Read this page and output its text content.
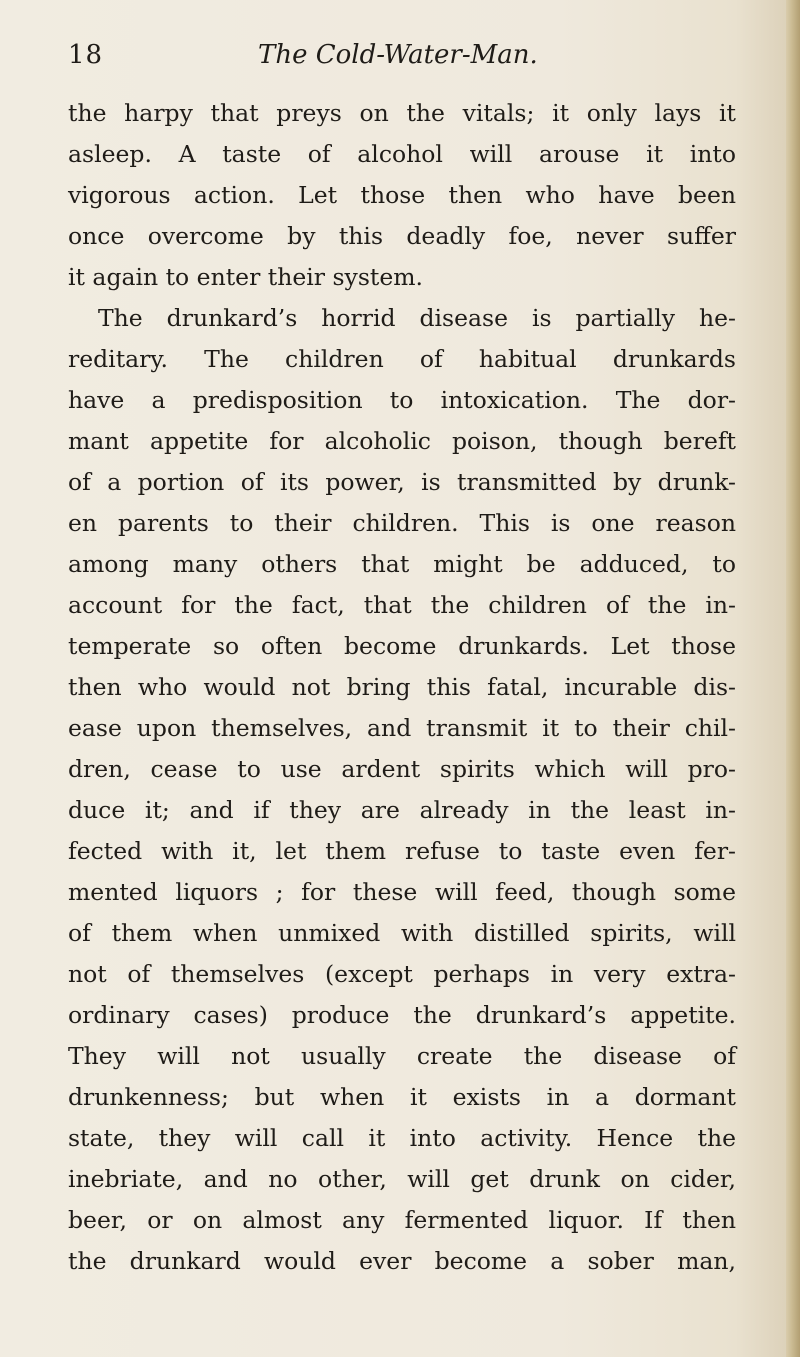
18	The Cold-Water-Man.
the harpy that preys on the vitals; it only lays it
asleep. A taste of alcohol will arouse it into
vigorous action. Let those then who have been
once overcome by this deadly foe, never suffer
it again to enter their system.
The drunkard’s horrid disease is partially he-
reditary. The children of habitual drunkards
have a predisposition to intoxication. The dor-
mant appetite for alcoholic poison, though bereft
of a portion of its power, is transmitted by drunk-
en parents to their children. This is one reason
among many others that might be adduced, to
account for the fact, that the children of the in-
temperate so often become drunkards. Let those
then who would not bring this fatal, incurable dis-
ease upon themselves, and transmit it to their chil-
dren, cease to use ardent spirits which will pro-
duce it; and if they are already in the least in-
fected with it, let them refuse to taste even fer-
mented liquors ; for these will feed, though some
of them when unmixed with distilled spirits, will
not of themselves (except perhaps in very extra-
ordinary cases) produce the drunkard’s appetite.
They will not usually create the disease of
drunkenness; but when it exists in a dormant
state, they will call it into activity. Hence the
inebriate, and no other, will get drunk on cider,
beer, or on almost any fermented liquor. If then
the drunkard would ever become a sober man,
